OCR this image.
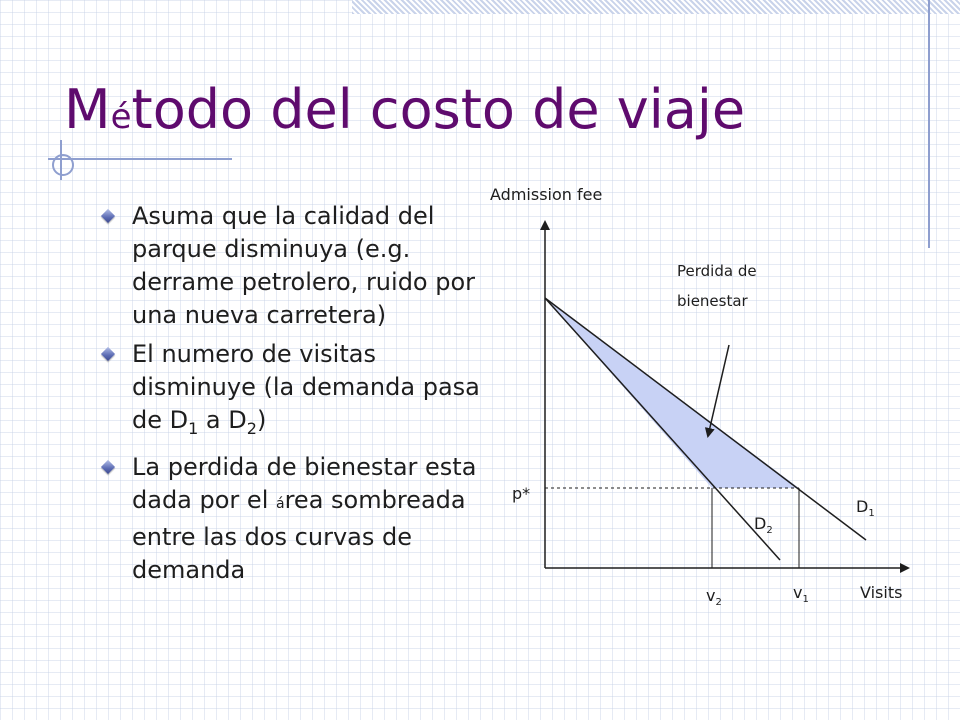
Método del costo de viaje
Asuma que la calidad del parque disminuya (e.g. derrame petrolero, ruido por una nueva carretera)
El numero de visitas disminuye (la demanda pasa de $D_1$ a $D_2$)
La perdida de bienestar esta dada por el área sombreada entre las dos curvas de demanda
Admission fee
Visits
Perdida de
bienestar
p*
$D_1$
$D_2$
$v_1$
$v_2$
